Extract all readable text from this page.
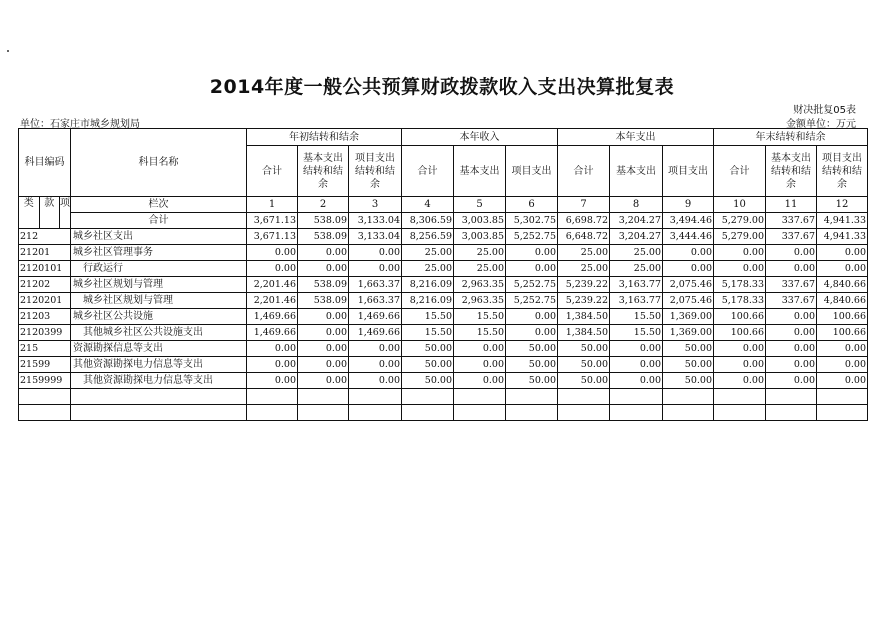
2014年度一般公共预算财政拨款收入支出决算批复表
财决批复05表
单位：石家庄市城乡规划局	金额单位：万元
科目编码	科目名称	年初结转和结余			本年收入			本年支出			年末结转和结余		
		合计	基本支出结转和结余	项目支出结转和结余	合计	基本支出	项目支出	合计	基本支出	项目支出	合计	基本支出结转和结余	项目支出结转和结余

类 款 项	栏次	1	2	3	4	5	6	7	8	9	10	11	12
	合计	3,671.13	538.09	3,133.04	8,306.59	3,003.85	5,302.75	6,698.72	3,204.27	3,494.46	5,279.00	337.67	4,941.33
212	城乡社区支出	3,671.13	538.09	3,133.04	8,256.59	3,003.85	5,252.75	6,648.72	3,204.27	3,444.46	5,279.00	337.67	4,941.33
21201	城乡社区管理事务	0.00	0.00	0.00	25.00	25.00	0.00	25.00	25.00	0.00	0.00	0.00	0.00
2120101	行政运行	0.00	0.00	0.00	25.00	25.00	0.00	25.00	25.00	0.00	0.00	0.00	0.00
21202	城乡社区规划与管理	2,201.46	538.09	1,663.37	8,216.09	2,963.35	5,252.75	5,239.22	3,163.77	2,075.46	5,178.33	337.67	4,840.66
2120201	城乡社区规划与管理	2,201.46	538.09	1,663.37	8,216.09	2,963.35	5,252.75	5,239.22	3,163.77	2,075.46	5,178.33	337.67	4,840.66
21203	城乡社区公共设施	1,469.66	0.00	1,469.66	15.50	15.50	0.00	1,384.50	15.50	1,369.00	100.66	0.00	100.66
2120399	其他城乡社区公共设施支出	1,469.66	0.00	1,469.66	15.50	15.50	0.00	1,384.50	15.50	1,369.00	100.66	0.00	100.66
215	资源勘探信息等支出	0.00	0.00	0.00	50.00	0.00	50.00	50.00	0.00	50.00	0.00	0.00	0.00
21599	其他资源勘探电力信息等支出	0.00	0.00	0.00	50.00	0.00	50.00	50.00	0.00	50.00	0.00	0.00	0.00
2159999	其他资源勘探电力信息等支出	0.00	0.00	0.00	50.00	0.00	50.00	50.00	0.00	50.00	0.00	0.00	0.00
